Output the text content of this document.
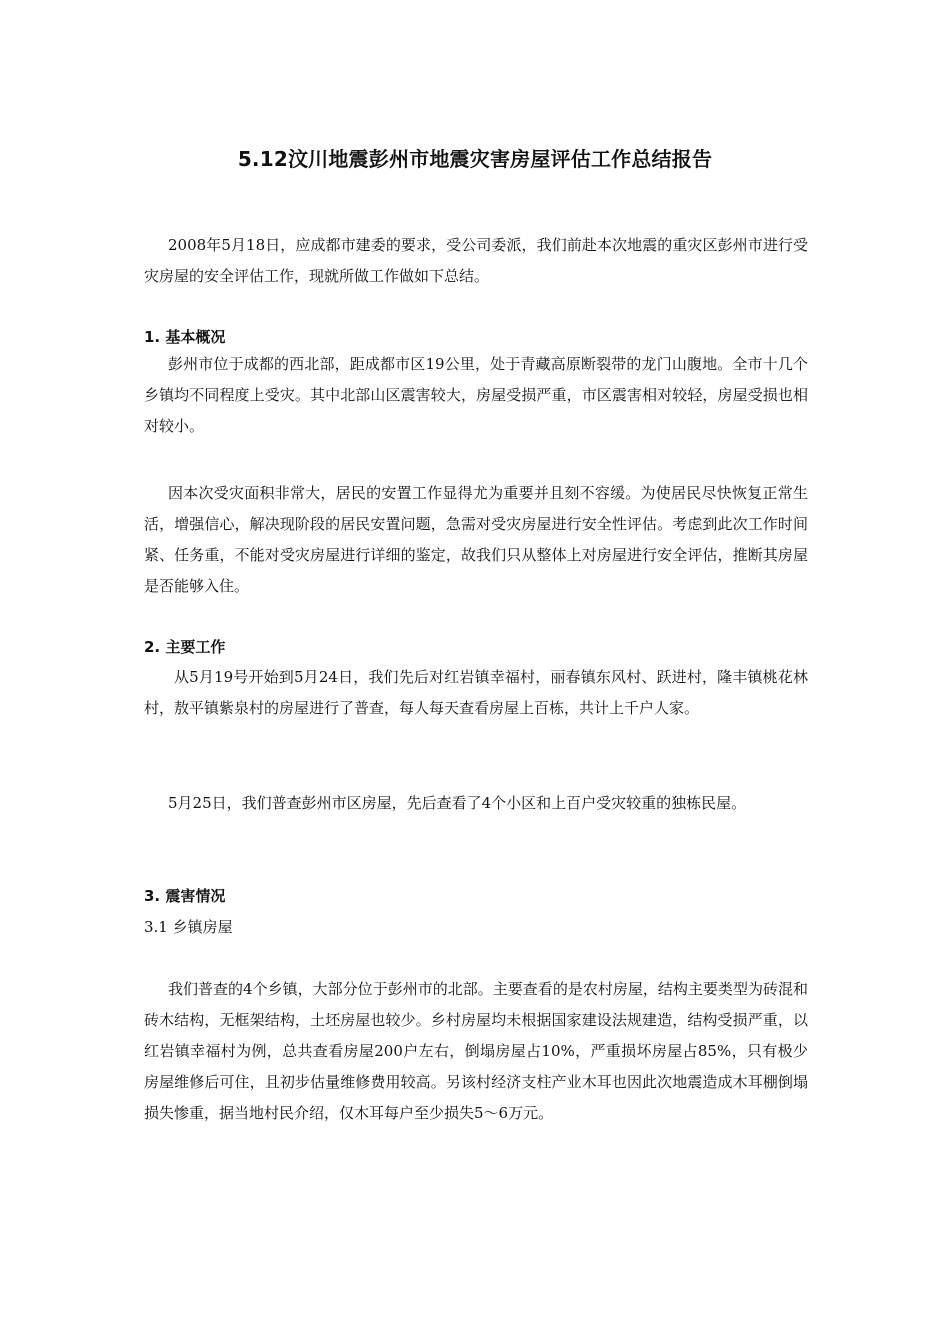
5.12汶川地震彭州市地震灾害房屋评估工作总结报告

2008年5月18日，应成都市建委的要求，受公司委派，我们前赴本次地震的重灾区彭州市进行受灾房屋的安全评估工作，现就所做工作做如下总结。

1. 基本概况

彭州市位于成都的西北部，距成都市区19公里，处于青藏高原断裂带的龙门山腹地。全市十几个乡镇均不同程度上受灾。其中北部山区震害较大，房屋受损严重，市区震害相对较轻，房屋受损也相对较小。

因本次受灾面积非常大，居民的安置工作显得尤为重要并且刻不容缓。为使居民尽快恢复正常生活，增强信心，解决现阶段的居民安置问题，急需对受灾房屋进行安全性评估。考虑到此次工作时间紧、任务重，不能对受灾房屋进行详细的鉴定，故我们只从整体上对房屋进行安全评估，推断其房屋是否能够入住。

2. 主要工作

从5月19号开始到5月24日，我们先后对红岩镇幸福村，丽春镇东风村、跃进村，隆丰镇桃花林村，敖平镇紫泉村的房屋进行了普查，每人每天查看房屋上百栋，共计上千户人家。

5月25日，我们普查彭州市区房屋，先后查看了4个小区和上百户受灾较重的独栋民屋。

3. 震害情况

3.1 乡镇房屋

我们普查的4个乡镇，大部分位于彭州市的北部。主要查看的是农村房屋，结构主要类型为砖混和砖木结构，无框架结构，土坯房屋也较少。乡村房屋均未根据国家建设法规建造，结构受损严重，以红岩镇幸福村为例，总共查看房屋200户左右，倒塌房屋占10%，严重损坏房屋占85%，只有极少房屋维修后可住，且初步估量维修费用较高。另该村经济支柱产业木耳也因此次地震造成木耳棚倒塌损失惨重，据当地村民介绍，仅木耳每户至少损失5～6万元。
